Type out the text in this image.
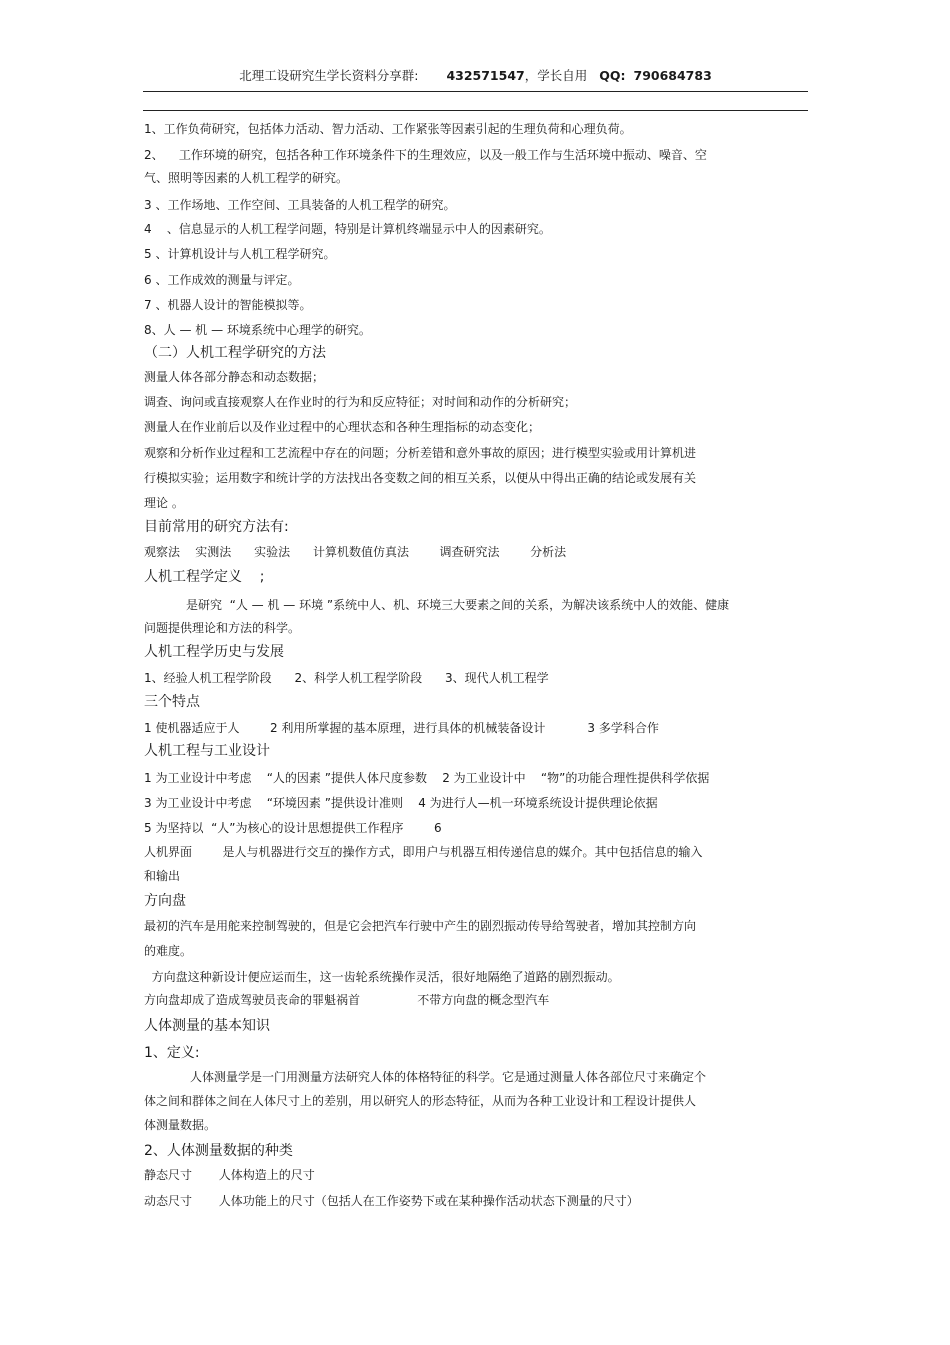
北理工设研究生学长资料分享群: 432571547，学长自用 QQ: 790684783
1、工作负荷研究，包括体力活动、智力活动、工作紧张等因素引起的生理负荷和心理负荷。
2、    工作环境的研究，包括各种工作环境条件下的生理效应，以及一般工作与生活环境中振动、噪音、空
气、照明等因素的人机工程学的研究。
3 、工作场地、工作空间、工具装备的人机工程学的研究。
4    、信息显示的人机工程学问题，特别是计算机终端显示中人的因素研究。
5 、计算机设计与人机工程学研究。
6 、工作成效的测量与评定。
7 、机器人设计的智能模拟等。
8、人 — 机 — 环境系统中心理学的研究。
（二）人机工程学研究的方法
测量人体各部分静态和动态数据；
调查、询问或直接观察人在作业时的行为和反应特征；对时间和动作的分析研究；
测量人在作业前后以及作业过程中的心理状态和各种生理指标的动态变化；
观察和分析作业过程和工艺流程中存在的问题；分析差错和意外事故的原因；进行模型实验或用计算机进
行模拟实验；运用数字和统计学的方法找出各变数之间的相互关系，以便从中得出正确的结论或发展有关
理论 。
目前常用的研究方法有:
观察法    实测法      实验法      计算机数值仿真法        调查研究法        分析法
人机工程学定义    ;
是研究  “人 — 机 — 环境 ”系统中人、机、环境三大要素之间的关系，为解决该系统中人的效能、健康
问题提供理论和方法的科学。
人机工程学历史与发展
1、经验人机工程学阶段      2、科学人机工程学阶段      3、现代人机工程学
三个特点
1 使机器适应于人        2 利用所掌握的基本原理，进行具体的机械装备设计           3 多学科合作
人机工程与工业设计
1 为工业设计中考虑    “人的因素 ”提供人体尺度参数    2 为工业设计中    “物”的功能合理性提供科学依据
3 为工业设计中考虑    “环境因素 ”提供设计准则    4 为进行人—机一环境系统设计提供理论依据
5 为坚持以  “人”为核心的设计思想提供工作程序        6
人机界面        是人与机器进行交互的操作方式，即用户与机器互相传递信息的媒介。其中包括信息的输入
和输出
方向盘
最初的汽车是用舵来控制驾驶的，但是它会把汽车行驶中产生的剧烈振动传导给驾驶者，增加其控制方向
的难度。
方向盘这种新设计便应运而生，这一齿轮系统操作灵活，很好地隔绝了道路的剧烈振动。
方向盘却成了造成驾驶员丧命的罪魁祸首               不带方向盘的概念型汽车
人体测量的基本知识
1、定义:
人体测量学是一门用测量方法研究人体的体格特征的科学。它是通过测量人体各部位尺寸来确定个
体之间和群体之间在人体尺寸上的差别，用以研究人的形态特征，从而为各种工业设计和工程设计提供人
体测量数据。
2、人体测量数据的种类
静态尺寸       人体构造上的尺寸
动态尺寸       人体功能上的尺寸（包括人在工作姿势下或在某种操作活动状态下测量的尺寸）
